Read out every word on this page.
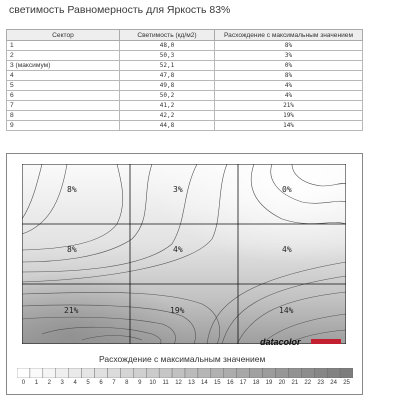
светимость Равномерность для Яркость 83%
Сектор	Светимость (кд/м2)	Расхождение с максимальным значением
1	48,0	8%
2	50,3	3%
3 (максимум)	52,1	0%
4	47,8	8%
5	49,8	4%
6	50,2	4%
7	41,2	21%
8	42,2	19%
9	44,8	14%
8%	3%	0%
8%	4%	4%
21%	19%	14%
datacolor
Расхождение с максимальным значением
0 1 2 3 4 5 6 7 8 9 10 11 12 13 14 15 16 17 18 19 20 21 22 23 24 25
